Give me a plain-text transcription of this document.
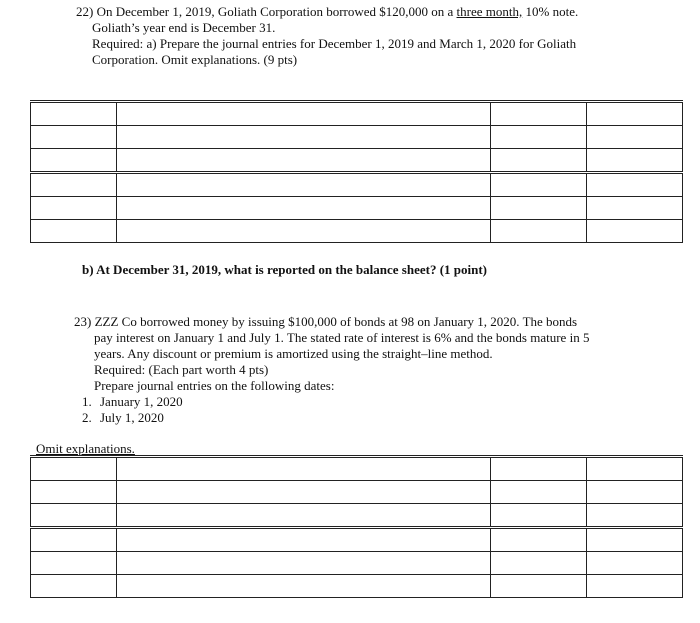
22) On December 1, 2019, Goliath Corporation borrowed $120,000 on a three month, 10% note.
Goliath’s year end is December 31.
Required: a) Prepare the journal entries for December 1, 2019 and March 1, 2020 for Goliath
Corporation. Omit explanations. (9 pts)

b) At December 31, 2019, what is reported on the balance sheet? (1 point)
23) ZZZ Co borrowed money by issuing $100,000 of bonds at 98 on January 1, 2020. The bonds
pay interest on January 1 and July 1. The stated rate of interest is 6% and the bonds mature in 5
years. Any discount or premium is amortized using the straight–line method.
Required: (Each part worth 4 pts)
Prepare journal entries on the following dates:
1. January 1, 2020
2. July 1, 2020
Omit explanations.
